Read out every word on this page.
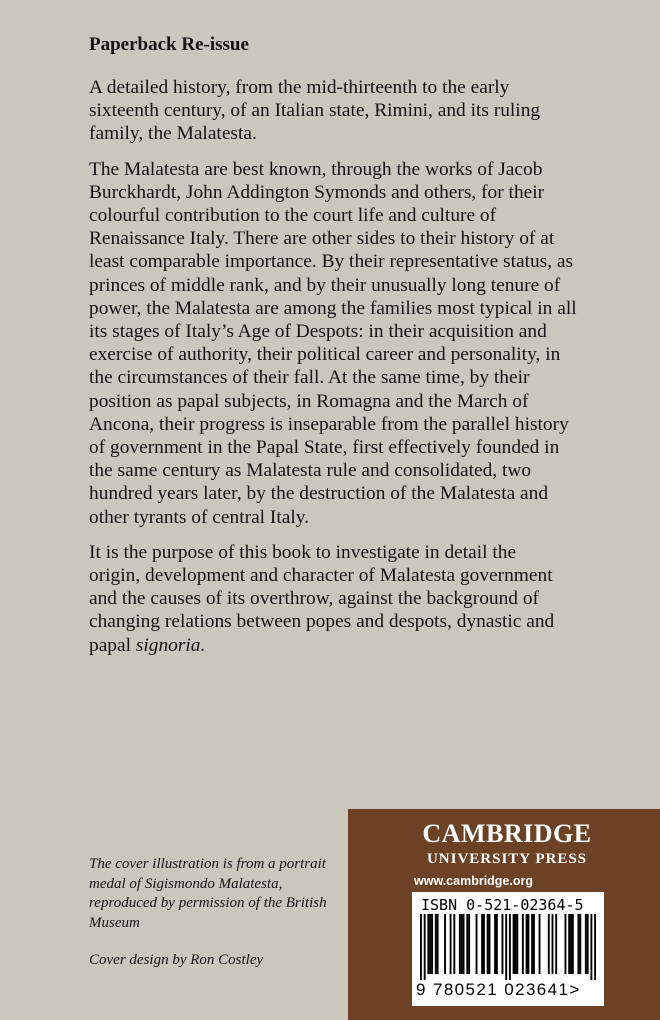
Paperback Re-issue

A detailed history, from the mid-thirteenth to the early
sixteenth century, of an Italian state, Rimini, and its ruling
family, the Malatesta.

The Malatesta are best known, through the works of Jacob
Burckhardt, John Addington Symonds and others, for their
colourful contribution to the court life and culture of
Renaissance Italy. There are other sides to their history of at
least comparable importance. By their representative status, as
princes of middle rank, and by their unusually long tenure of
power, the Malatesta are among the families most typical in all
its stages of Italy’s Age of Despots: in their acquisition and
exercise of authority, their political career and personality, in
the circumstances of their fall. At the same time, by their
position as papal subjects, in Romagna and the March of
Ancona, their progress is inseparable from the parallel history
of government in the Papal State, first effectively founded in
the same century as Malatesta rule and consolidated, two
hundred years later, by the destruction of the Malatesta and
other tyrants of central Italy.

It is the purpose of this book to investigate in detail the
origin, development and character of Malatesta government
and the causes of its overthrow, against the background of
changing relations between popes and despots, dynastic and
papal signoria.

The cover illustration is from a portrait
medal of Sigismondo Malatesta,
reproduced by permission of the British
Museum
Cover design by Ron Costley
CAMBRIDGE
UNIVERSITY PRESS
www.cambridge.org
ISBN 0-521-02364-5
9 780521 023641>
